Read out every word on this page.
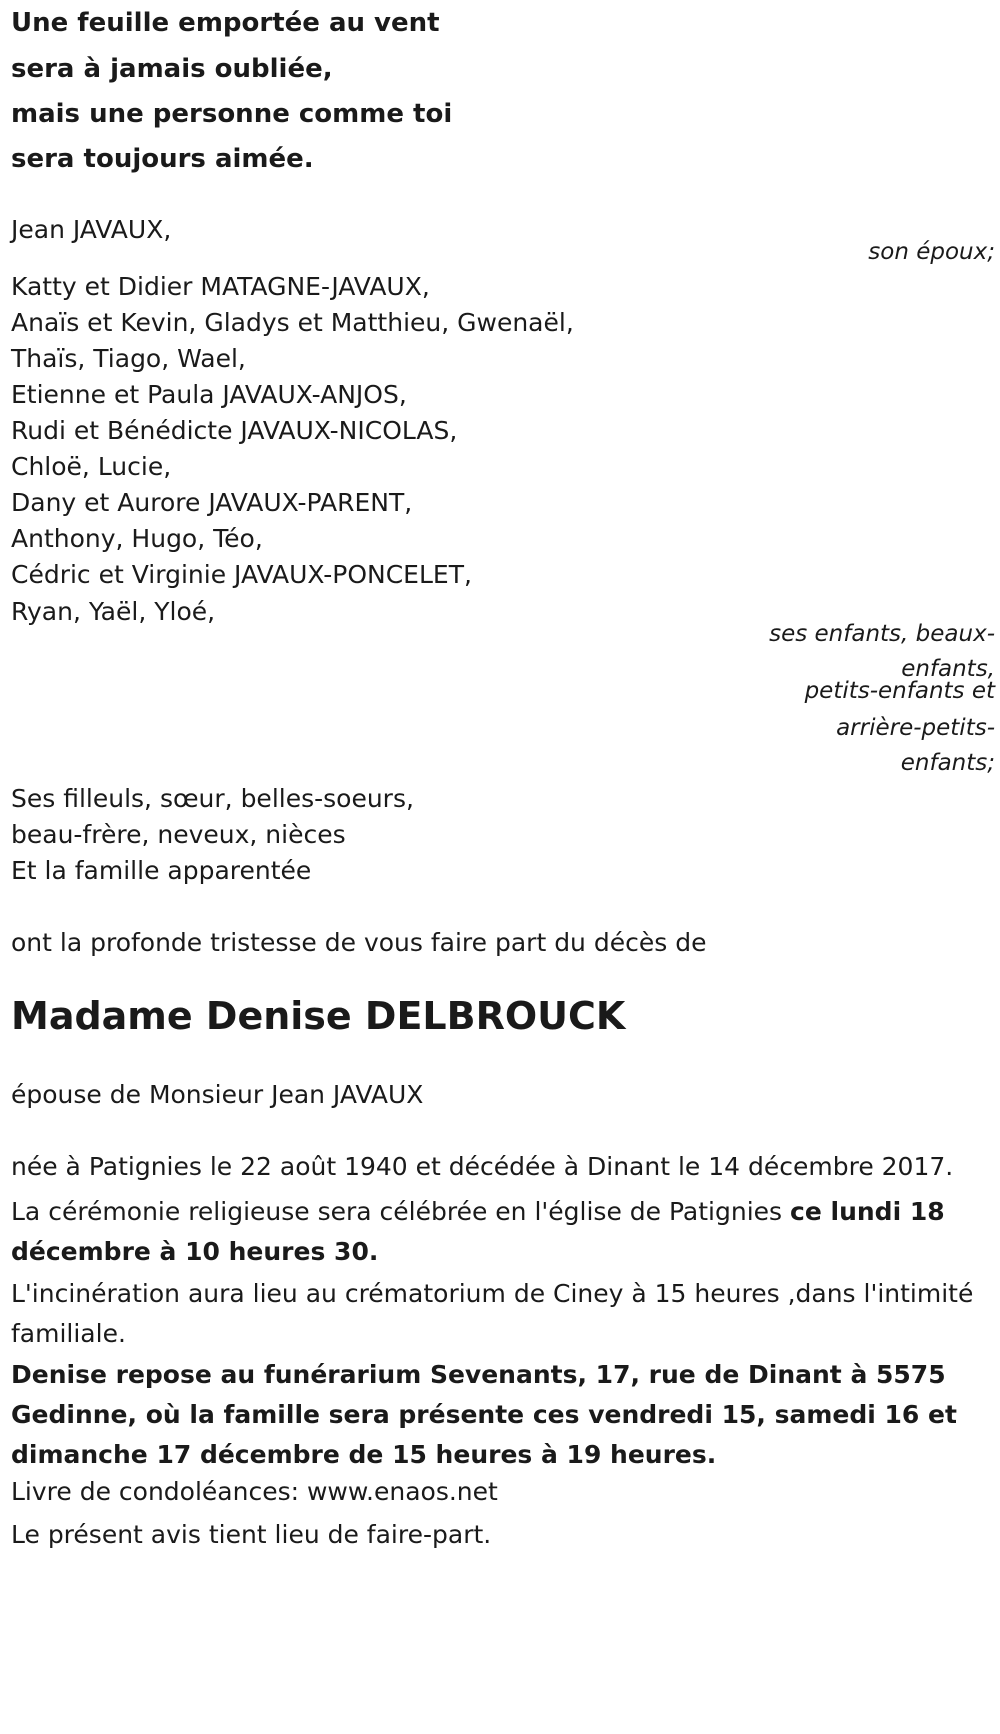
Une feuille emportée au vent
sera à jamais oubliée,
mais une personne comme toi
sera toujours aimée.
Jean JAVAUX,
son époux;
Katty et Didier MATAGNE-JAVAUX,
Anaïs et Kevin, Gladys et Matthieu, Gwenaël,
Thaïs, Tiago, Wael,
Etienne et Paula JAVAUX-ANJOS,
Rudi et Bénédicte JAVAUX-NICOLAS,
Chloë, Lucie,
Dany et Aurore JAVAUX-PARENT,
Anthony, Hugo, Téo,
Cédric et Virginie JAVAUX-PONCELET,
Ryan, Yaël, Yloé,
ses enfants, beaux-
enfants,
petits-enfants et
arrière-petits-
enfants;
Ses filleuls, sœur, belles-soeurs,
beau-frère, neveux, nièces
Et la famille apparentée
ont la profonde tristesse de vous faire part du décès de
Madame Denise DELBROUCK
épouse de Monsieur Jean JAVAUX
née à Patignies le 22 août 1940 et décédée à Dinant le 14 décembre 2017.
La cérémonie religieuse sera célébrée en l'église de Patignies ce lundi 18 décembre à 10 heures 30.
L'incinération aura lieu au crématorium de Ciney à 15 heures ,dans l'intimité familiale.
Denise repose au funérarium Sevenants, 17, rue de Dinant à 5575 Gedinne, où la famille sera présente ces vendredi 15, samedi 16 et dimanche 17 décembre de 15 heures à 19 heures.
Livre de condoléances: www.enaos.net
Le présent avis tient lieu de faire-part.
